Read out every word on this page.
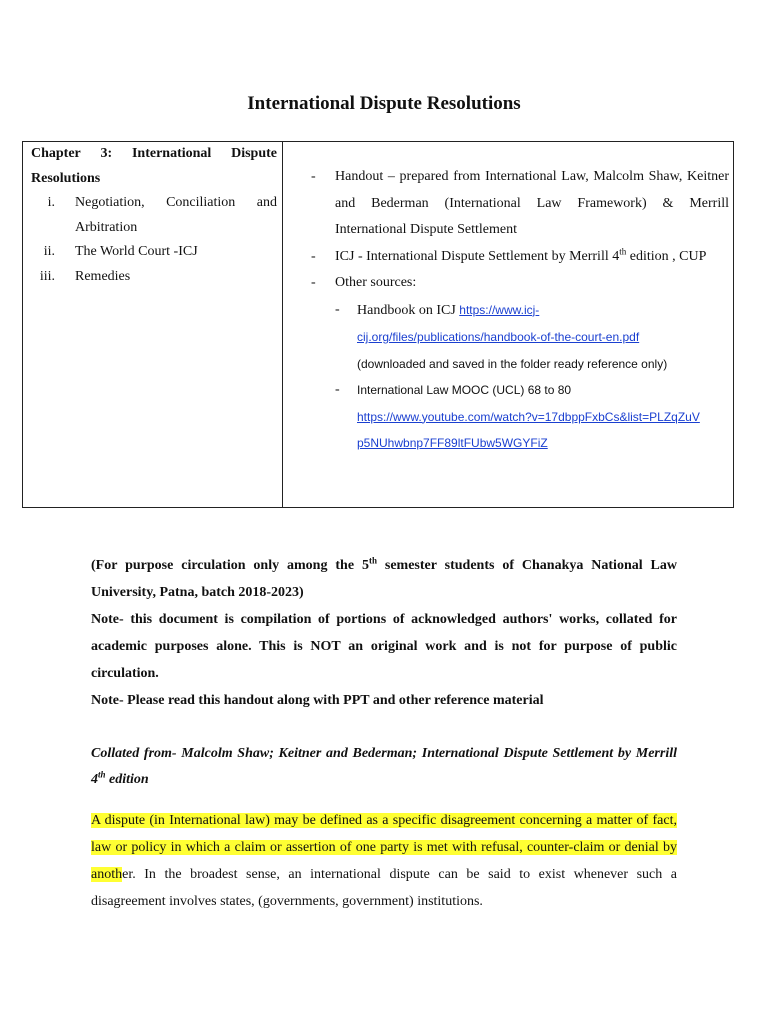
International Dispute Resolutions
Chapter 3: International Dispute
Resolutions
i. Negotiation, Conciliation and
Arbitration
ii. The World Court -ICJ
iii. Remedies
- Handout – prepared from International Law, Malcolm Shaw, Keitner and Bederman (International Law Framework) & Merrill International Dispute Settlement
- ICJ - International Dispute Settlement by Merrill 4th edition , CUP
- Other sources:
- Handbook on ICJ https://www.icj-
cij.org/files/publications/handbook-of-the-court-en.pdf
(downloaded and saved in the folder ready reference only)
- International Law MOOC (UCL) 68 to 80
https://www.youtube.com/watch?v=17dbppFxbCs&list=PLZqZuV
p5NUhwbnp7FF89ltFUbw5WGYFiZ

(For purpose circulation only among the 5th semester students of Chanakya National Law University, Patna, batch 2018-2023)

Note- this document is compilation of portions of acknowledged authors' works, collated for academic purposes alone. This is NOT an original work and is not for purpose of public circulation.

Note- Please read this handout along with PPT and other reference material

Collated from- Malcolm Shaw; Keitner and Bederman; International Dispute Settlement by Merrill 4th edition

A dispute (in International law) may be defined as a specific disagreement concerning a matter of fact, law or policy in which a claim or assertion of one party is met with refusal, counter-claim or denial by another. In the broadest sense, an international dispute can be said to exist whenever such a disagreement involves states, (governments, government) institutions.
